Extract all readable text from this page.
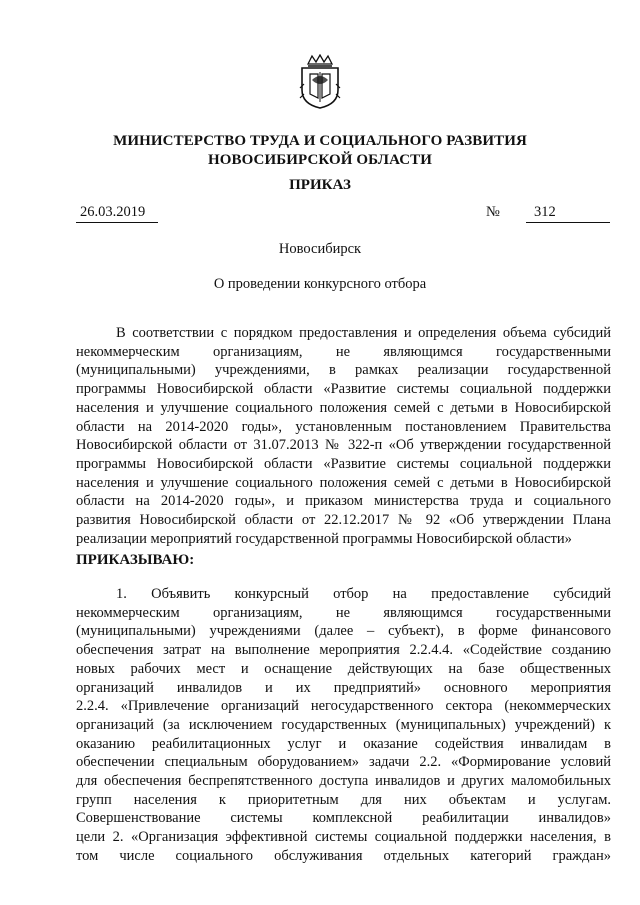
МИНИСТЕРСТВО ТРУДА И СОЦИАЛЬНОГО РАЗВИТИЯ
НОВОСИБИРСКОЙ ОБЛАСТИ
ПРИКАЗ
26.03.2019	№	312
Новосибирск
О проведении конкурсного отбора
В соответствии с порядком предоставления и определения объема субсидий
некоммерческим организациям, не являющимся государственными
(муниципальными) учреждениями, в рамках реализации государственной
программы Новосибирской области «Развитие системы социальной поддержки
населения и улучшение социального положения семей с детьми в Новосибирской
области на 2014-2020 годы», установленным постановлением Правительства
Новосибирской области от 31.07.2013 № 322-п «Об утверждении государственной
программы Новосибирской области «Развитие системы социальной поддержки
населения и улучшение социального положения семей с детьми в Новосибирской
области на 2014-2020 годы», и приказом министерства труда и социального
развития Новосибирской области от 22.12.2017 № 92 «Об утверждении Плана
реализации мероприятий государственной программы Новосибирской области»
ПРИКАЗЫВАЮ:
1. Объявить конкурсный отбор на предоставление субсидий
некоммерческим организациям, не являющимся государственными
(муниципальными) учреждениями (далее – субъект), в форме финансового
обеспечения затрат на выполнение мероприятия 2.2.4.4. «Содействие созданию
новых рабочих мест и оснащение действующих на базе общественных
организаций инвалидов и их предприятий» основного мероприятия
2.2.4. «Привлечение организаций негосударственного сектора (некоммерческих
организаций (за исключением государственных (муниципальных) учреждений) к
оказанию реабилитационных услуг и оказание содействия инвалидам в
обеспечении специальным оборудованием» задачи 2.2. «Формирование условий
для обеспечения беспрепятственного доступа инвалидов и других маломобильных
групп населения к приоритетным для них объектам и услугам.
Совершенствование системы комплексной реабилитации инвалидов»
цели 2. «Организация эффективной системы социальной поддержки населения, в
том числе социального обслуживания отдельных категорий граждан»
